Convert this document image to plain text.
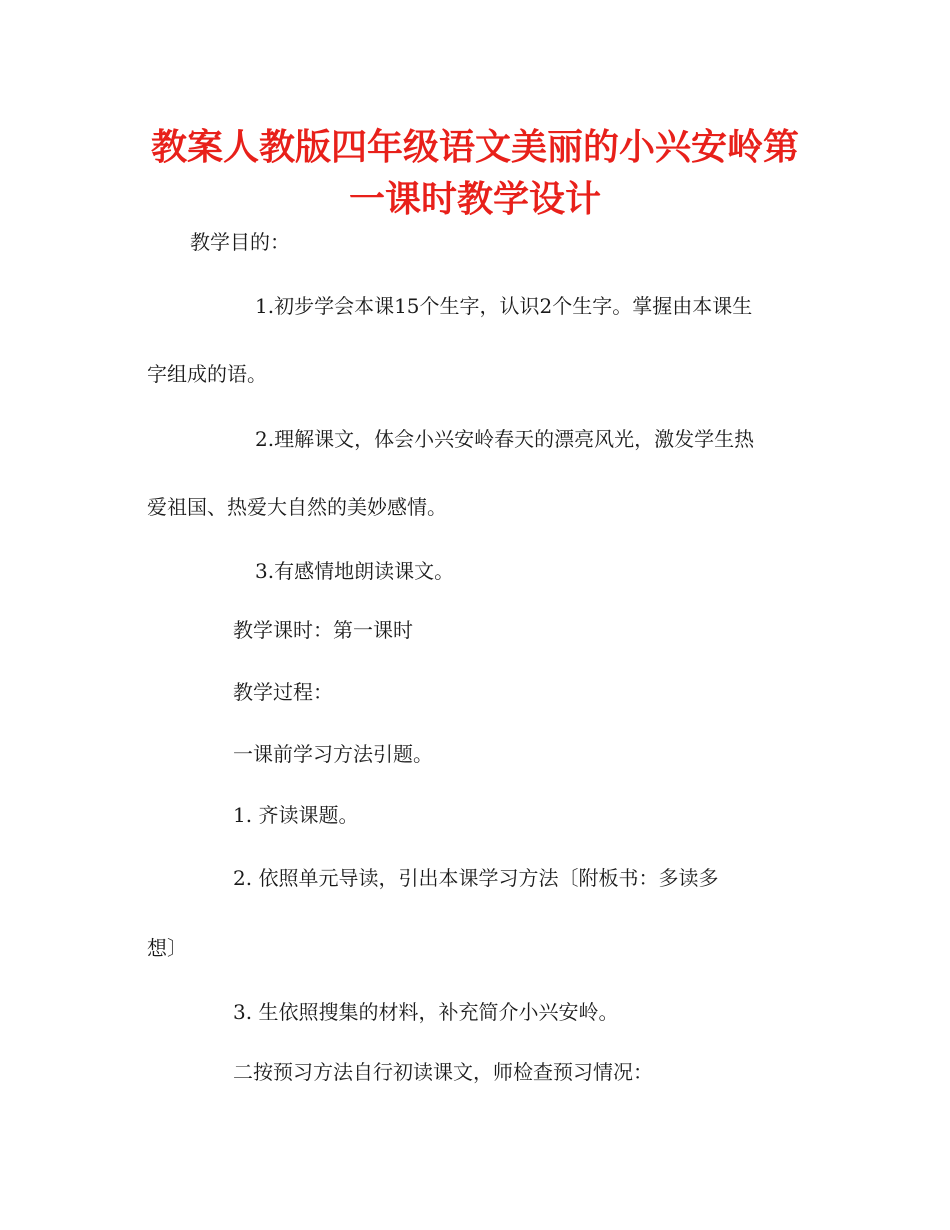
教案人教版四年级语文美丽的小兴安岭第
一课时教学设计

教学目的：

1.初步学会本课15个生字，认识2个生字。掌握由本课生

字组成的语。

2.理解课文，体会小兴安岭春天的漂亮风光，激发学生热

爱祖国、热爱大自然的美妙感情。

3.有感情地朗读课文。

教学课时：第一课时

教学过程：

一课前学习方法引题。

1. 齐读课题。

2. 依照单元导读，引出本课学习方法〔附板书：多读多

想〕

3. 生依照搜集的材料，补充简介小兴安岭。

二按预习方法自行初读课文，师检查预习情况：
